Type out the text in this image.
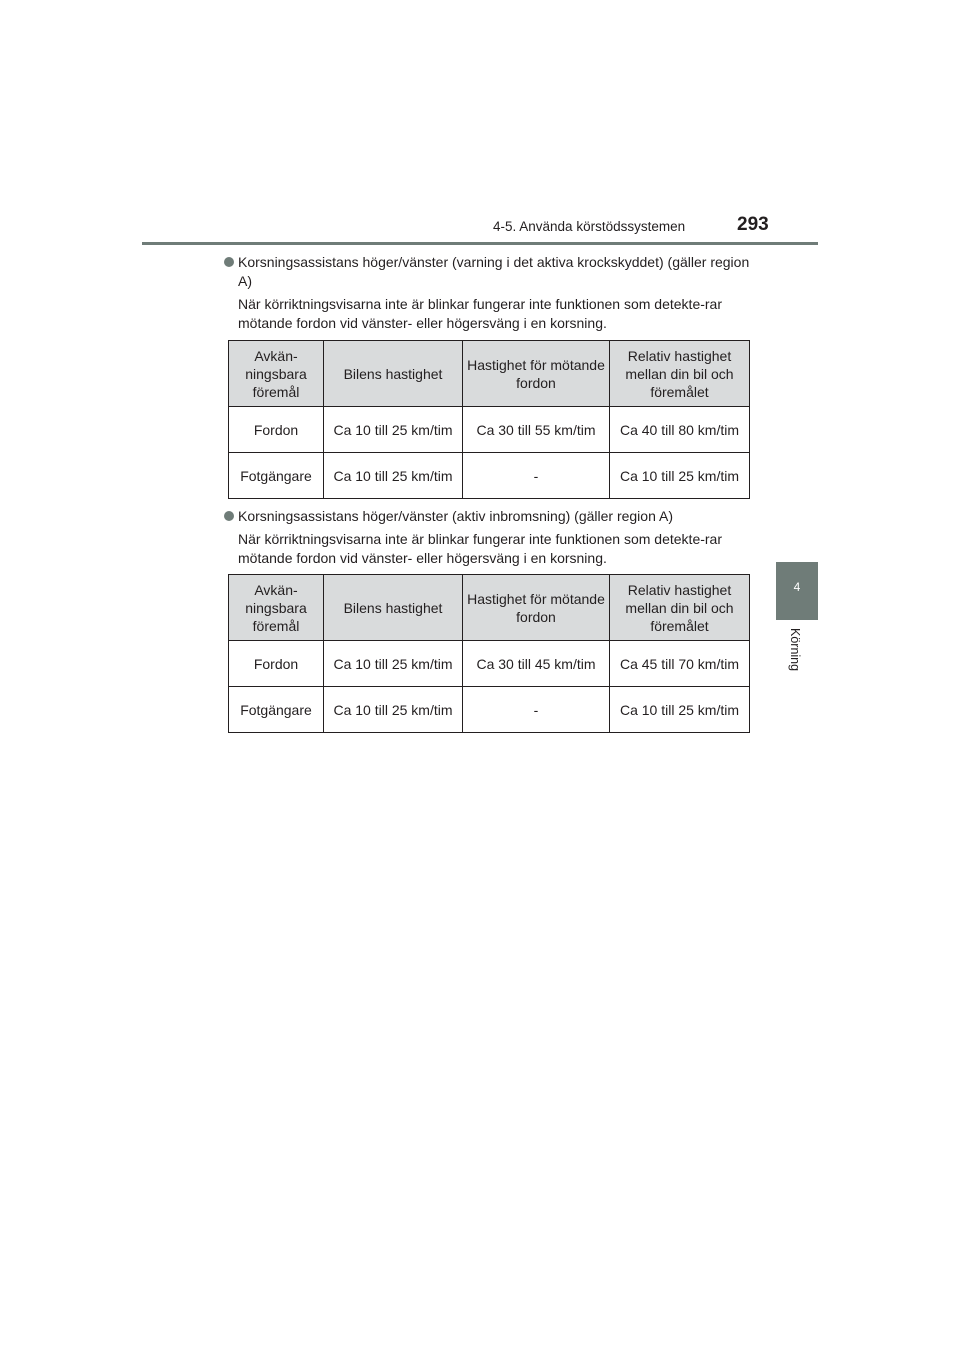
4-5. Använda körstödssystemen	293
4
Körning
Korsningsassistans höger/vänster (varning i det aktiva krockskyddet) (gäller region A)
När körriktningsvisarna inte är blinkar fungerar inte funktionen som detekte-rar mötande fordon vid vänster- eller högersväng i en korsning.
Avkän-ningsbara föremål	Bilens hastighet	Hastighet för mötande fordon	Relativ hastighet mellan din bil och föremålet
Fordon	Ca 10 till 25 km/tim	Ca 30 till 55 km/tim	Ca 40 till 80 km/tim
Fotgängare	Ca 10 till 25 km/tim	-	Ca 10 till 25 km/tim
Korsningsassistans höger/vänster (aktiv inbromsning) (gäller region A)
När körriktningsvisarna inte är blinkar fungerar inte funktionen som detekte-rar mötande fordon vid vänster- eller högersväng i en korsning.
Avkän-ningsbara föremål	Bilens hastighet	Hastighet för mötande fordon	Relativ hastighet mellan din bil och föremålet
Fordon	Ca 10 till 25 km/tim	Ca 30 till 45 km/tim	Ca 45 till 70 km/tim
Fotgängare	Ca 10 till 25 km/tim	-	Ca 10 till 25 km/tim
